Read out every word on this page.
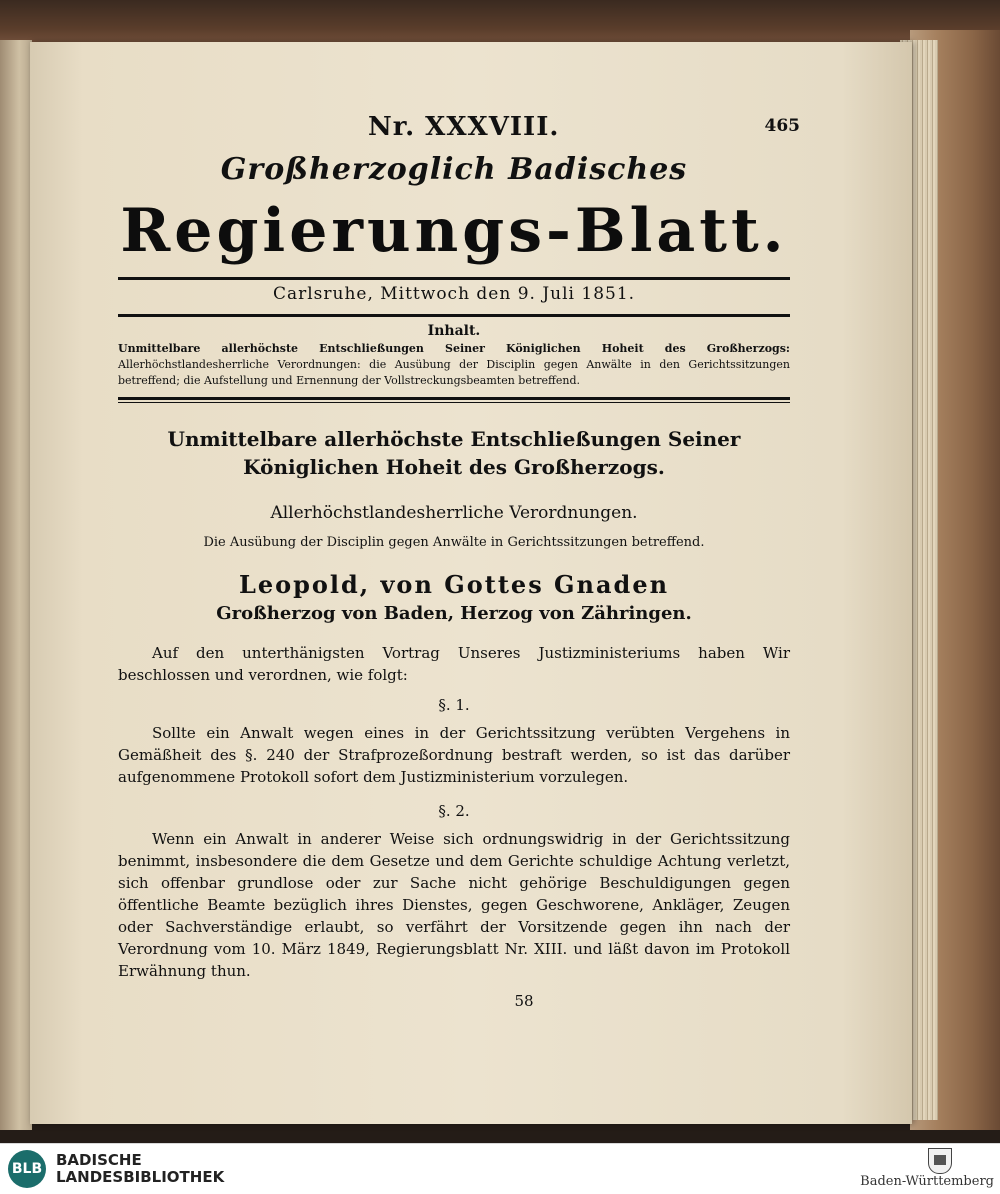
Nr. XXXVIII.	465
Großherzoglich Badisches
Regierungs-Blatt.
Carlsruhe, Mittwoch den 9. Juli 1851.
Inhalt.
Unmittelbare allerhöchste Entschließungen Seiner Königlichen Hoheit des Großherzogs: Allerhöchstlandesherrliche Verordnungen: die Ausübung der Disciplin gegen Anwälte in den Gerichtssitzungen betreffend; die Aufstellung und Ernennung der Vollstreckungsbeamten betreffend.
Unmittelbare allerhöchste Entschließungen Seiner Königlichen Hoheit des Großherzogs.
Allerhöchstlandesherrliche Verordnungen.
Die Ausübung der Disciplin gegen Anwälte in Gerichtssitzungen betreffend.
Leopold, von Gottes Gnaden
Großherzog von Baden, Herzog von Zähringen.
Auf den unterthänigsten Vortrag Unseres Justizministeriums haben Wir beschlossen und verordnen, wie folgt:
§. 1.
Sollte ein Anwalt wegen eines in der Gerichtssitzung verübten Vergehens in Gemäßheit des §. 240 der Strafprozeßordnung bestraft werden, so ist das darüber aufgenommene Protokoll sofort dem Justizministerium vorzulegen.
§. 2.
Wenn ein Anwalt in anderer Weise sich ordnungswidrig in der Gerichtssitzung benimmt, insbesondere die dem Gesetze und dem Gerichte schuldige Achtung verletzt, sich offenbar grundlose oder zur Sache nicht gehörige Beschuldigungen gegen öffentliche Beamte bezüglich ihres Dienstes, gegen Geschworene, Ankläger, Zeugen oder Sachverständige erlaubt, so verfährt der Vorsitzende gegen ihn nach der Verordnung vom 10. März 1849, Regierungsblatt Nr. XIII. und läßt davon im Protokoll Erwähnung thun.
58
BLB BADISCHE
LANDESBIBLIOTHEK	Baden-Württemberg
